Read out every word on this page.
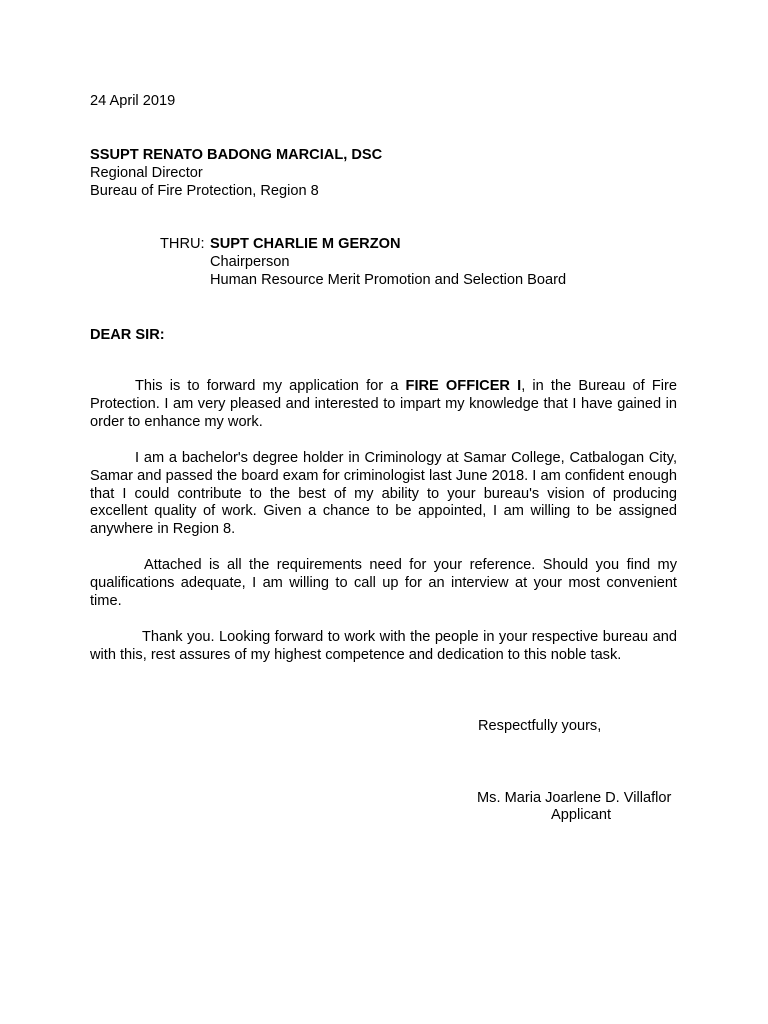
24 April 2019
SSUPT RENATO BADONG MARCIAL, DSC
Regional Director
Bureau of Fire Protection, Region 8
THRU: SUPT CHARLIE M GERZON
Chairperson
Human Resource Merit Promotion and Selection Board
DEAR SIR:

This is to forward my application for a FIRE OFFICER I, in the Bureau of Fire Protection. I am very pleased and interested to impart my knowledge that I have gained in order to enhance my work.

I am a bachelor's degree holder in Criminology at Samar College, Catbalogan City, Samar and passed the board exam for criminologist last June 2018. I am confident enough that I could contribute to the best of my ability to your bureau's vision of producing excellent quality of work. Given a chance to be appointed, I am willing to be assigned anywhere in Region 8.

Attached is all the requirements need for your reference. Should you find my qualifications adequate, I am willing to call up for an interview at your most convenient time.

Thank you. Looking forward to work with the people in your respective bureau and with this, rest assures of my highest competence and dedication to this noble task.

Respectfully yours,
Ms. Maria Joarlene D. Villaflor
Applicant
